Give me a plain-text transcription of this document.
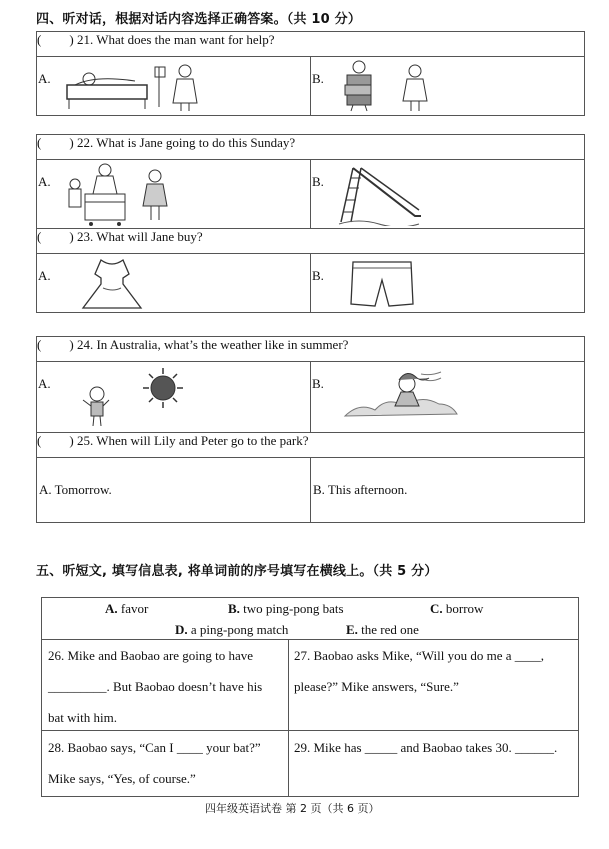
四、听对话，根据对话内容选择正确答案。（共 10 分）
( ) 21. What does the man want for help?

A.	B.
( ) 22. What is Jane going to do this Sunday?	

A.	B.

( ) 23. What will Jane buy?	

A.	B.
( ) 24. In Australia, what’s the weather like in summer?	

A.	B.

( ) 25. When will Lily and Peter go to the park?	
A. Tomorrow.	B. This afternoon.
五、听短文, 填写信息表, 将单词前的序号填写在横线上。（共 5 分）
A. favor	B. two ping-pong bats	C. borrow
D. a ping-pong match	E. the red one
26. Mike and Baobao are going to have
_________. But Baobao doesn’t have his
bat with him.
27. Baobao asks Mike, “Will you do me a ____,
please?” Mike answers, “Sure.”
28. Baobao says, “Can I ____ your bat?”
Mike says, “Yes, of course.”
29. Mike has _____ and Baobao takes 30. ______.
四年级英语试卷 第 2 页（共 6 页）
